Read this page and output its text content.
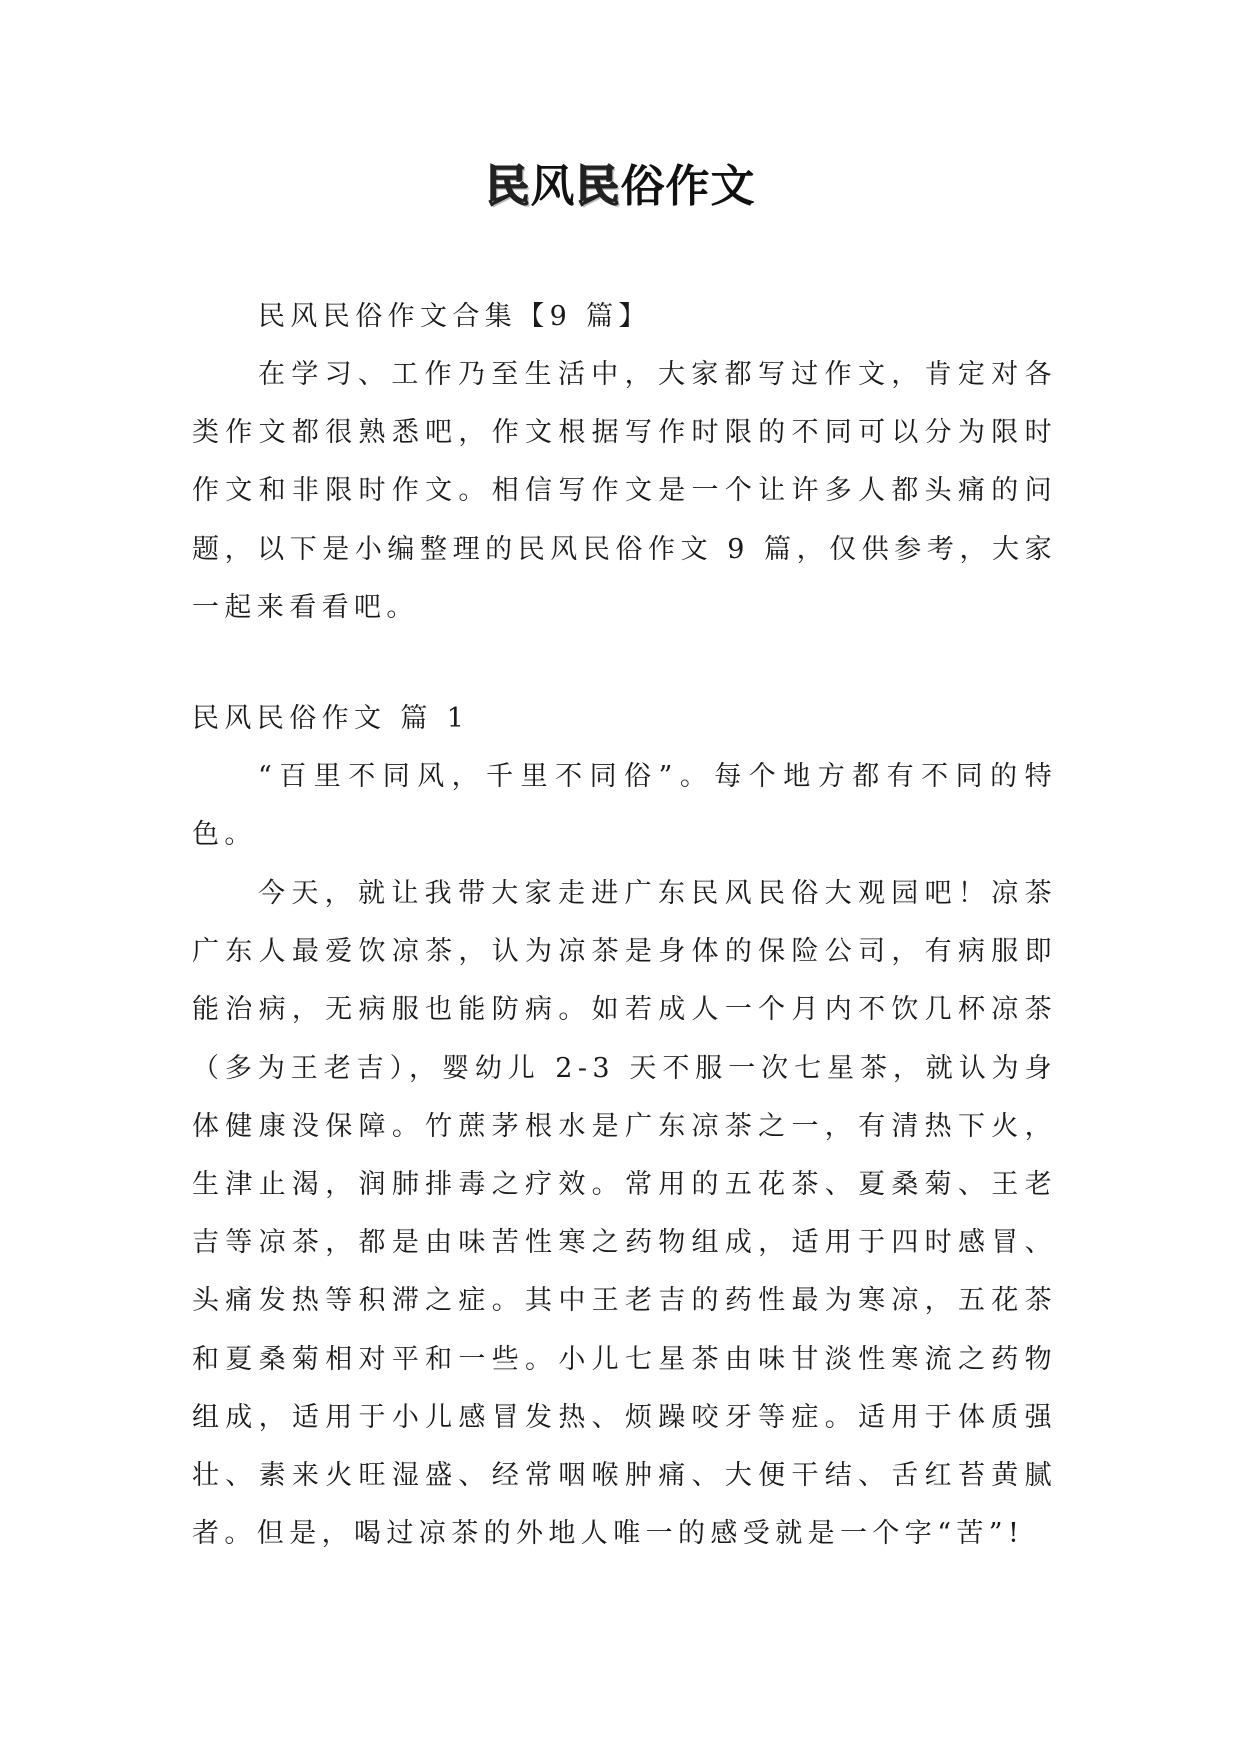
民风民俗作文

民风民俗作文合集【9 篇】

在学习、工作乃至生活中，大家都写过作文，肯定对各类作文都很熟悉吧，作文根据写作时限的不同可以分为限时作文和非限时作文。相信写作文是一个让许多人都头痛的问题，以下是小编整理的民风民俗作文 9 篇，仅供参考，大家一起来看看吧。

民风民俗作文 篇 1

“百里不同风，千里不同俗”。每个地方都有不同的特色。

今天，就让我带大家走进广东民风民俗大观园吧！凉茶广东人最爱饮凉茶，认为凉茶是身体的保险公司，有病服即能治病，无病服也能防病。如若成人一个月内不饮几杯凉茶（多为王老吉），婴幼儿 2-3 天不服一次七星茶，就认为身体健康没保障。竹蔗茅根水是广东凉茶之一，有清热下火，生津止渴，润肺排毒之疗效。常用的五花茶、夏桑菊、王老吉等凉茶，都是由味苦性寒之药物组成，适用于四时感冒、头痛发热等积滞之症。其中王老吉的药性最为寒凉，五花茶和夏桑菊相对平和一些。小儿七星茶由味甘淡性寒流之药物组成，适用于小儿感冒发热、烦躁咬牙等症。适用于体质强壮、素来火旺湿盛、经常咽喉肿痛、大便干结、舌红苔黄腻者。但是，喝过凉茶的外地人唯一的感受就是一个字“苦”!
